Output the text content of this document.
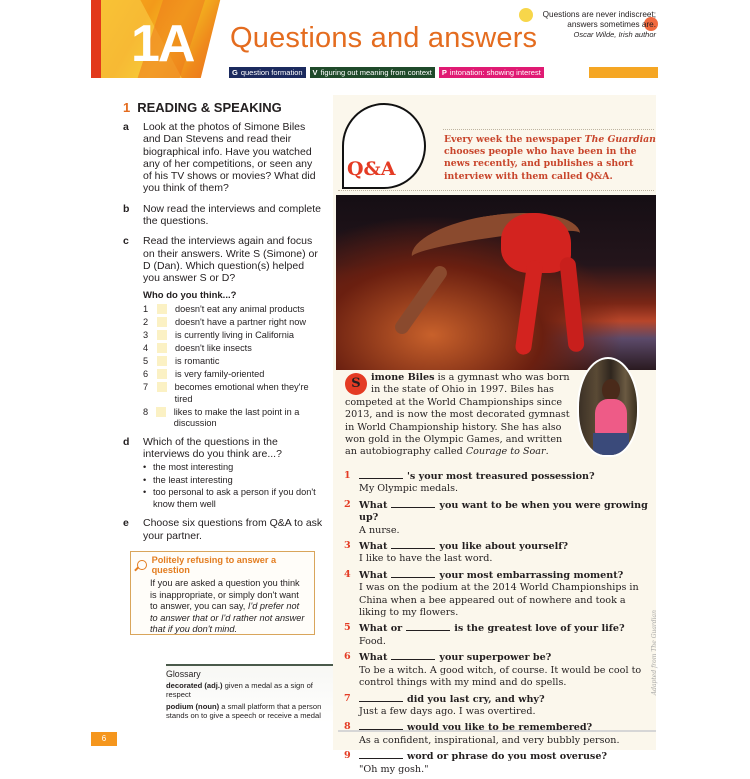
1A Questions and answers
G question formation V figuring out meaning from context P intonation: showing interest
Questions are never indiscreet;
answers sometimes are.
Oscar Wilde, Irish author
1 READING & SPEAKING
a	Look at the photos of Simone Biles and Dan Stevens and read their biographical info. Have you watched any of her competitions, or seen any of his TV shows or movies? What did you think of them?
b	Now read the interviews and complete the questions.
c	Read the interviews again and focus on their answers. Write S (Simone) or D (Dan). Which question(s) helped you answer S or D?
Who do you think...?
1	doesn't eat any animal products
2	doesn't have a partner right now
3	is currently living in California
4	doesn't like insects
5	is romantic
6	is very family-oriented
7	becomes emotional when they're tired
8	likes to make the last point in a discussion
d	Which of the questions in the interviews do you think are...?
• the most interesting
• the least interesting
• too personal to ask a person if you don't know them well
e	Choose six questions from Q&A to ask your partner.
Politely refusing to answer a question
If you are asked a question you think is inappropriate, or simply don't want to answer, you can say, I'd prefer not to answer that or I'd rather not answer that if you don't mind.
Glossary

decorated (adj.) given a medal as a sign of respect

podium (noun) a small platform that a person stands on to give a speech or receive a medal

6
Q&A
Every week the newspaper The Guardian chooses people who have been in the news recently, and publishes a short interview with them called Q&A.
S	imone Biles is a gymnast who was born in the state of Ohio in 1997. Biles has competed at the World Championships since 2013, and is now the most decorated gymnast in World Championship history. She has also won gold in the Olympic Games, and written an autobiography called Courage to Soar.
1	's your most treasured possession?
My Olympic medals.
2 What	you want to be when you were growing up?
A nurse.
3 What	you like about yourself?
I like to have the last word.
4 What	your most embarrassing moment?
I was on the podium at the 2014 World Championships in China when a bee appeared out of nowhere and took a liking to my flowers.
5 What or	is the greatest love of your life?
Food.
6 What	your superpower be?
To be a witch. A good witch, of course. It would be cool to control things with my mind and do spells.
7	did you last cry, and why?
Just a few days ago. I was overtired.
8	would you like to be remembered?
As a confident, inspirational, and very bubbly person.
9	word or phrase do you most overuse?
"Oh my gosh."
Adapted from The Guardian
